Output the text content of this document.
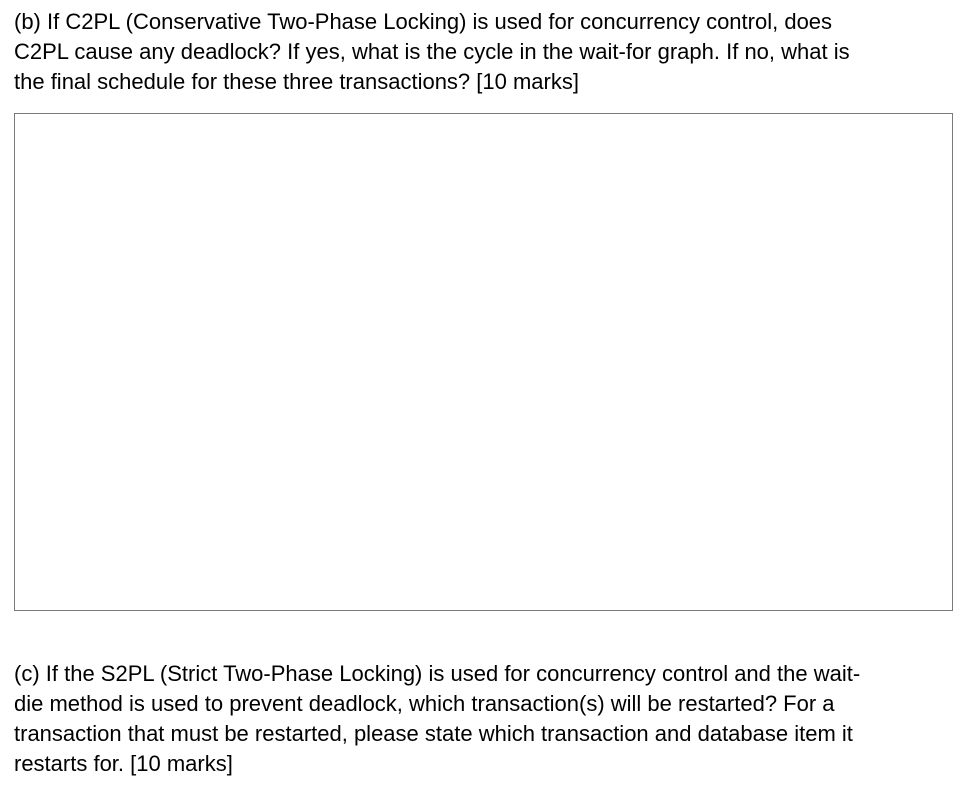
(b) If C2PL (Conservative Two-Phase Locking) is used for concurrency control, does
C2PL cause any deadlock? If yes, what is the cycle in the wait-for graph. If no, what is
the final schedule for these three transactions? [10 marks]

(c) If the S2PL (Strict Two-Phase Locking) is used for concurrency control and the wait-
die method is used to prevent deadlock, which transaction(s) will be restarted? For a
transaction that must be restarted, please state which transaction and database item it
restarts for. [10 marks]
